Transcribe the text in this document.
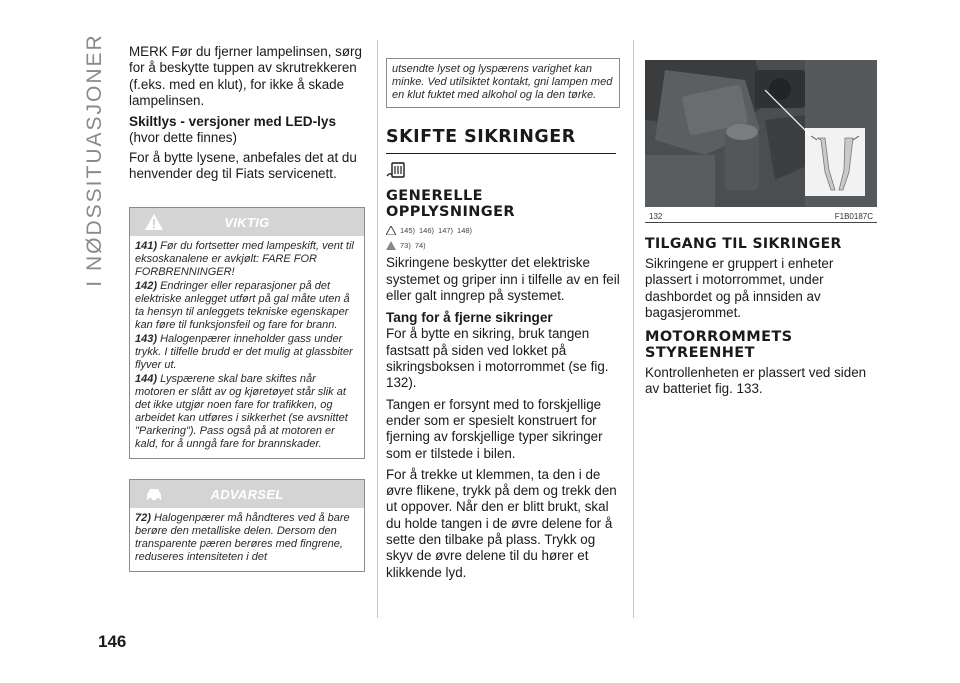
I NØDSSITUASJONER
146

MERK Før du fjerner lampelinsen, sørg for å beskytte tuppen av skrutrekkeren (f.eks. med en klut), for ikke å skade lampelinsen.

Skiltlys - versjoner med LED-lys

(hvor dette finnes)

For å bytte lysene, anbefales det at du henvender deg til Fiats servicenett.

VIKTIG
141) Før du fortsetter med lampeskift, vent til eksoskanalene er avkjølt: FARE FOR FORBRENNINGER!
142) Endringer eller reparasjoner på det elektriske anlegget utført på gal måte uten å ta hensyn til anleggets tekniske egenskaper kan føre til funksjonsfeil og fare for brann.
143) Halogenpærer inneholder gass under trykk. I tilfelle brudd er det mulig at glassbiter flyver ut.
144) Lyspærene skal bare skiftes når motoren er slått av og kjøretøyet står slik at det ikke utgjør noen fare for trafikken, og arbeidet kan utføres i sikkerhet (se avsnittet "Parkering"). Pass også på at motoren er kald, for å unngå fare for brannskader.
ADVARSEL
72) Halogenpærer må håndteres ved å bare berøre den metalliske delen. Dersom den transparente pæren berøres med fingrene, reduseres intensiteten i det
utsendte lyset og lyspærens varighet kan minke. Ved utilsiktet kontakt, gni lampen med en klut fuktet med alkohol og la den tørke.
SKIFTE SIKRINGER
GENERELLE
OPPLYSNINGER
145) 146) 147) 148)
73) 74)

Sikringene beskytter det elektriske systemet og griper inn i tilfelle av en feil eller galt inngrep på systemet.

Tang for å fjerne sikringer

For å bytte en sikring, bruk tangen fastsatt på siden ved lokket på sikringsboksen i motorrommet (se fig. 132).

Tangen er forsynt med to forskjellige ender som er spesielt konstruert for fjerning av forskjellige typer sikringer som er tilstede i bilen.

For å trekke ut klemmen, ta den i de øvre flikene, trykk på dem og trekk den ut oppover. Når den er blitt brukt, skal du holde tangen i de øvre delene for å sette den tilbake på plass. Trykk og skyv de øvre delene til du hører et klikkende lyd.

132	F1B0187C
TILGANG TIL SIKRINGER

Sikringene er gruppert i enheter plassert i motorrommet, under dashbordet og på innsiden av bagasjerommet.

MOTORROMMETS
STYREENHET

Kontrollenheten er plassert ved siden av batteriet fig. 133.
